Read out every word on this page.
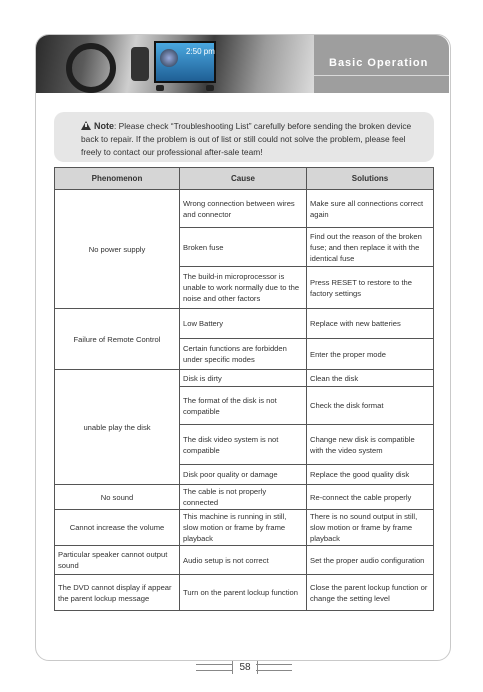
2:50 pm
Basic Operation
Note: Please check “Troubleshooting List” carefully before sending the broken device back to repair. If the problem is out of list or still could not solve the problem, please feel freely to contact our professional after-sale team!
Phenomenon	Cause	Solutions
No power supply	Wrong connection between wires and connector	Make sure all connections correct again
	Broken fuse	Find out the reason of the broken fuse; and then replace it with the identical fuse
	The build-in microprocessor is unable to work normally due to the noise and other factors	Press RESET to restore to the factory settings
Failure of Remote Control	Low Battery	Replace with new batteries
	Certain functions are forbidden under specific modes	Enter the proper mode
unable play the disk	Disk is dirty	Clean the disk
	The format of the disk is not compatible	Check the disk format
	The disk video system is not compatible	Change new disk is compatible with the video system
	Disk poor quality or damage	Replace the good quality disk
No sound	The cable is not properly connected	Re-connect the cable properly
Cannot increase the volume	This machine is running in still, slow motion or frame by frame playback	There is no sound output in still, slow motion or frame by frame playback
Particular speaker cannot output sound	Audio setup is not correct	Set the proper audio configuration
The DVD cannot display if appear the parent lockup message	Turn on the parent lockup function	Close the parent lockup function or change the setting level
58
